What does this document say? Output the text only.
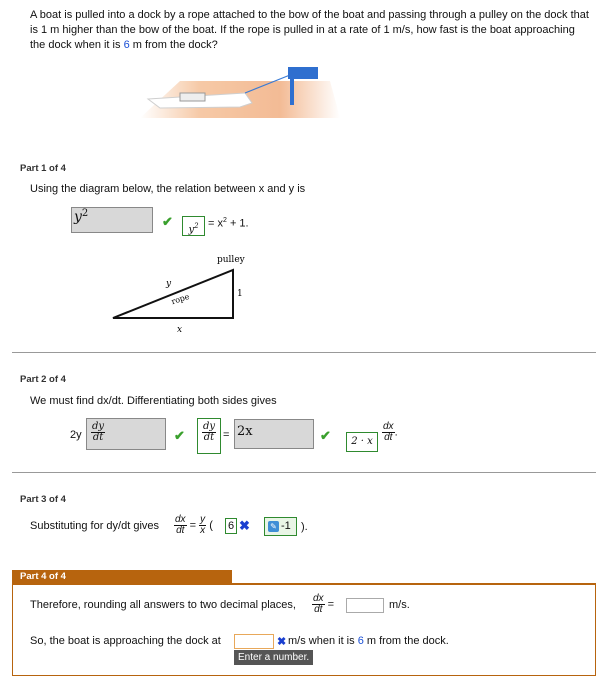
A boat is pulled into a dock by a rope attached to the bow of the boat and passing through a pulley on the dock that is 1 m higher than the bow of the boat. If the rope is pulled in at a rate of 1 m/s, how fast is the boat approaching the dock when it is 6 m from the dock?
Part 1 of 4
Using the diagram below, the relation between x and y is
$y^2$
✔
$y^2 = x^2 + 1$.
pulley
y
rope	1
x
Part 2 of 4
We must find dx/dt. Differentiating both sides gives
$2y \frac{dy}{dt}$	✔ $\frac{dy}{dt} = 2x$	✔	2 · x $\frac{dx}{dt}$ .
Part 3 of 4
Substituting for dy/dt gives $\frac{dx}{dt} = \frac{y}{x}$ ( 6 ✖	✎ -1 ).
Part 4 of 4
Therefore, rounding all answers to two decimal places, $\frac{dx}{dt}$ =	m/s.
So, the boat is approaching the dock at	✖ m/s when it is 6 m from the dock.
Enter a number.
